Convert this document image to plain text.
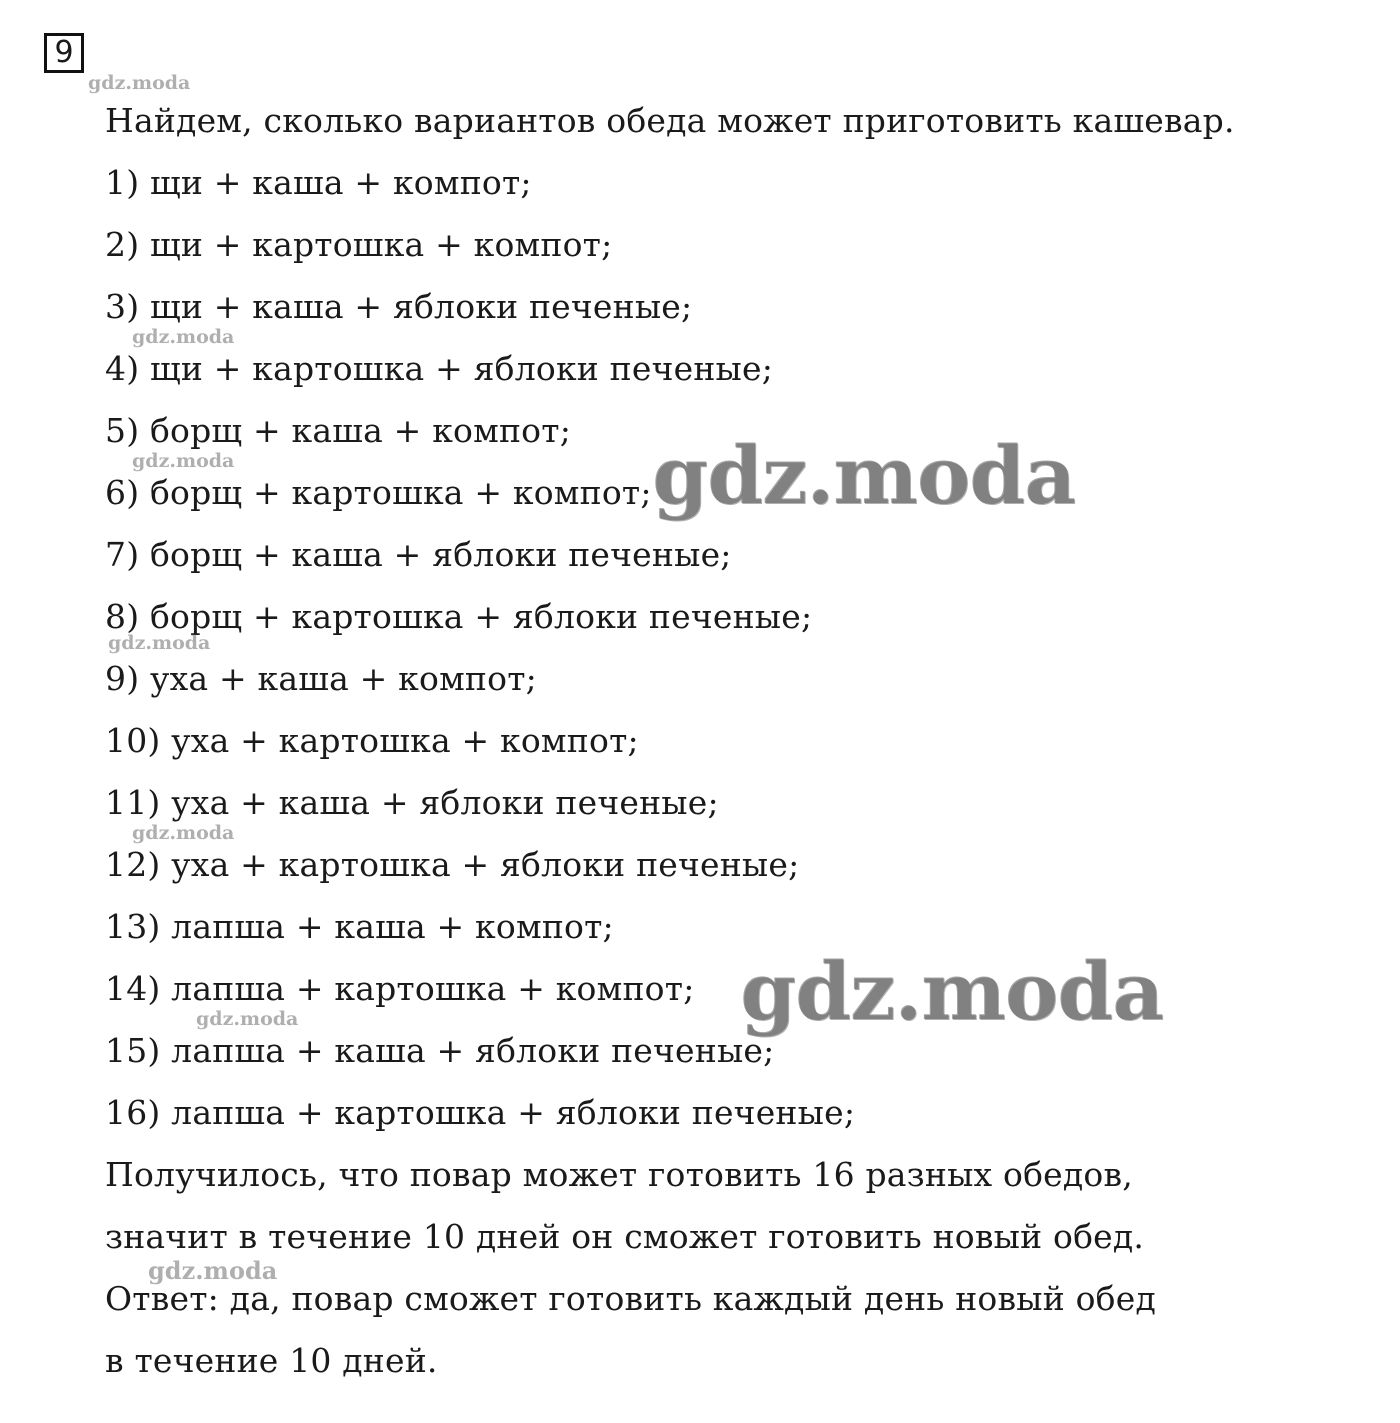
9
Найдем, сколько вариантов обеда может приготовить кашевар.
1) щи + каша + компот;
2) щи + картошка + компот;
3) щи + каша + яблоки печеные;
4) щи + картошка + яблоки печеные;
5) борщ + каша + компот;
6) борщ + картошка + компот;
7) борщ + каша + яблоки печеные;
8) борщ + картошка + яблоки печеные;
9) уха + каша + компот;
10) уха + картошка + компот;
11) уха + каша + яблоки печеные;
12) уха + картошка + яблоки печеные;
13) лапша + каша + компот;
14) лапша + картошка + компот;
15) лапша + каша + яблоки печеные;
16) лапша + картошка + яблоки печеные;
Получилось, что повар может готовить 16 разных обедов,
значит в течение 10 дней он сможет готовить новый обед.
Ответ: да, повар сможет готовить каждый день новый обед
в течение 10 дней.
gdz.moda
gdz.moda
gdz.moda
gdz.moda
gdz.moda
gdz.moda
gdz.moda
gdz.moda
gdz.moda
